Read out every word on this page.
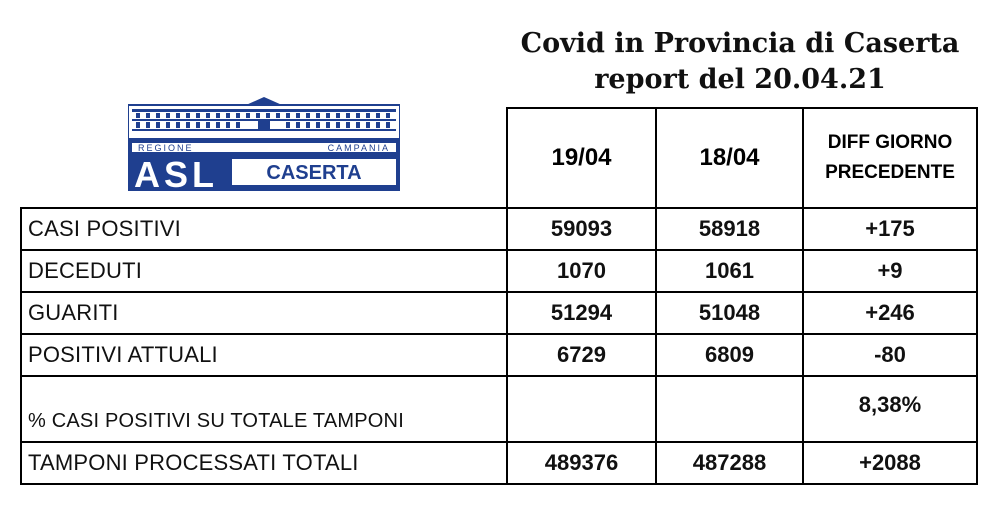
Covid in Provincia di Caserta
report del 20.04.21
REGIONE	CAMPANIA
ASL CASERTA
	19/04	18/04	DIFF GIORNO
PRECEDENTE

CASI POSITIVI	59093	58918	+175
DECEDUTI	1070	1061	+9
GUARITI	51294	51048	+246
POSITIVI ATTUALI	6729	6809	-80
% CASI POSITIVI SU TOTALE TAMPONI			8,38%
TAMPONI PROCESSATI TOTALI	489376	487288	+2088
